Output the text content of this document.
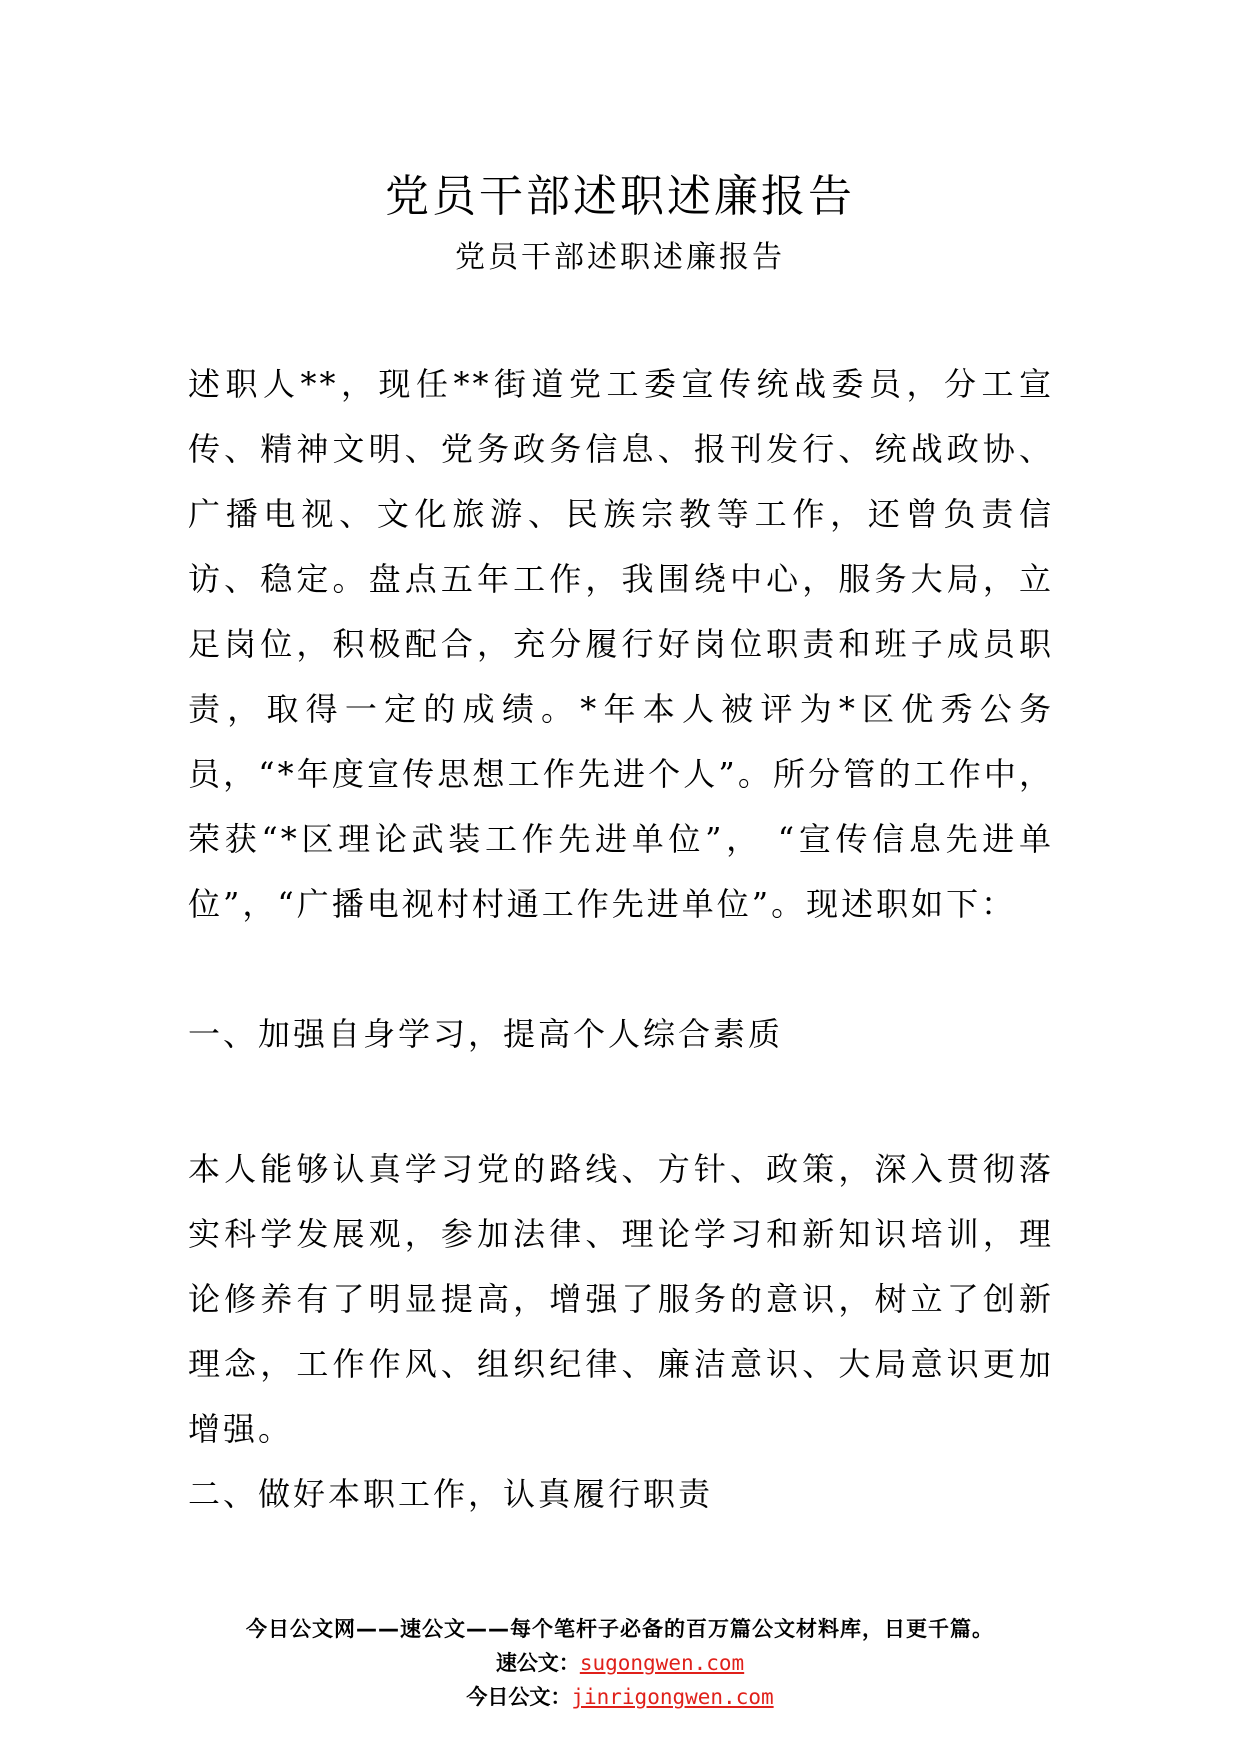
党员干部述职述廉报告
党员干部述职述廉报告
述职人**，现任**街道党工委宣传统战委员，分工宣传、精神文明、党务政务信息、报刊发行、统战政协、广播电视、文化旅游、民族宗教等工作，还曾负责信访、稳定。盘点五年工作，我围绕中心，服务大局，立足岗位，积极配合，充分履行好岗位职责和班子成员职责，取得一定的成绩。*年本人被评为*区优秀公务员，“*年度宣传思想工作先进个人”。所分管的工作中，荣获“*区理论武装工作先进单位”， “宣传信息先进单位”，“广播电视村村通工作先进单位”。现述职如下：
一、加强自身学习，提高个人综合素质
本人能够认真学习党的路线、方针、政策，深入贯彻落实科学发展观，参加法律、理论学习和新知识培训，理论修养有了明显提高，增强了服务的意识，树立了创新理念，工作作风、组织纪律、廉洁意识、大局意识更加增强。
二、做好本职工作，认真履行职责
今日公文网——速公文——每个笔杆子必备的百万篇公文材料库，日更千篇。
速公文：sugongwen.com
今日公文：jinrigongwen.com
